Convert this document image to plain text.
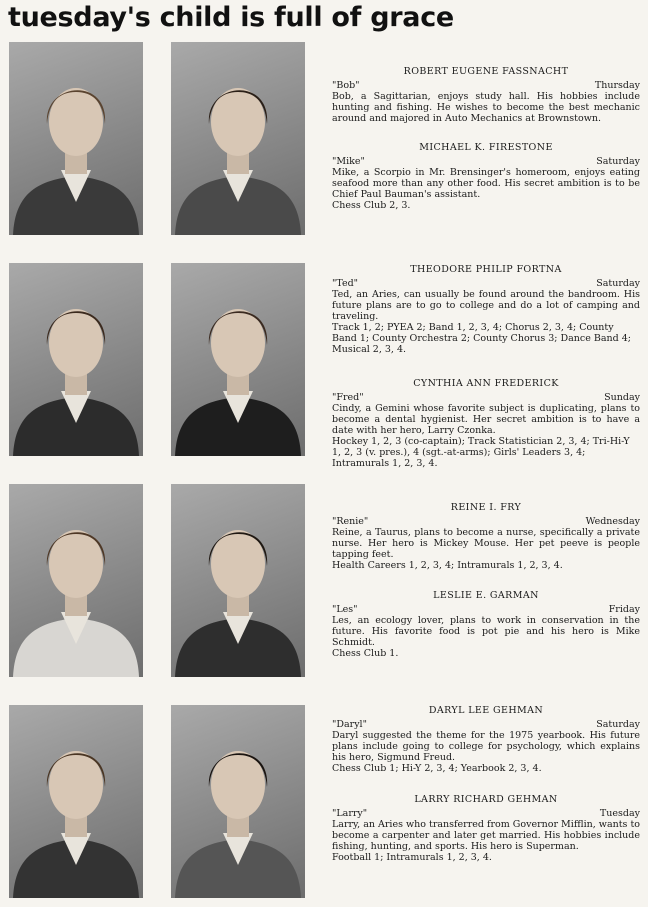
tuesday's child is full of grace
ROBERT EUGENE FASSNACHT
"Bob"	Thursday
Bob, a Sagittarian, enjoys study hall. His hobbies include hunting and fishing. He wishes to become the best mechanic around and majored in Auto Mechanics at Brownstown.
MICHAEL K. FIRESTONE
"Mike"	Saturday
Mike, a Scorpio in Mr. Brensinger's homeroom, enjoys eating seafood more than any other food. His secret ambition is to be Chief Paul Bauman's assistant.
Chess Club 2, 3.
THEODORE PHILIP FORTNA
"Ted"	Saturday
Ted, an Aries, can usually be found around the bandroom. His future plans are to go to college and do a lot of camping and traveling.
Track 1, 2; PYEA 2; Band 1, 2, 3, 4; Chorus 2, 3, 4; County Band 1; County Orchestra 2; County Chorus 3; Dance Band 4; Musical 2, 3, 4.
CYNTHIA ANN FREDERICK
"Fred"	Sunday
Cindy, a Gemini whose favorite subject is duplicating, plans to become a dental hygienist. Her secret ambition is to have a date with her hero, Larry Czonka.
Hockey 1, 2, 3 (co-captain); Track Statistician 2, 3, 4; Tri-Hi-Y 1, 2, 3 (v. pres.), 4 (sgt.-at-arms); Girls' Leaders 3, 4; Intramurals 1, 2, 3, 4.
REINE I. FRY
"Renie"	Wednesday
Reine, a Taurus, plans to become a nurse, specifically a private nurse. Her hero is Mickey Mouse. Her pet peeve is people tapping feet.
Health Careers 1, 2, 3, 4; Intramurals 1, 2, 3, 4.
LESLIE E. GARMAN
"Les"	Friday
Les, an ecology lover, plans to work in conservation in the future. His favorite food is pot pie and his hero is Mike Schmidt.
Chess Club 1.
DARYL LEE GEHMAN
"Daryl"	Saturday
Daryl suggested the theme for the 1975 yearbook. His future plans include going to college for psychology, which explains his hero, Sigmund Freud.
Chess Club 1; Hi-Y 2, 3, 4; Yearbook 2, 3, 4.
LARRY RICHARD GEHMAN
"Larry"	Tuesday
Larry, an Aries who transferred from Governor Mifflin, wants to become a carpenter and later get married. His hobbies include fishing, hunting, and sports. His hero is Superman.
Football 1; Intramurals 1, 2, 3, 4.
